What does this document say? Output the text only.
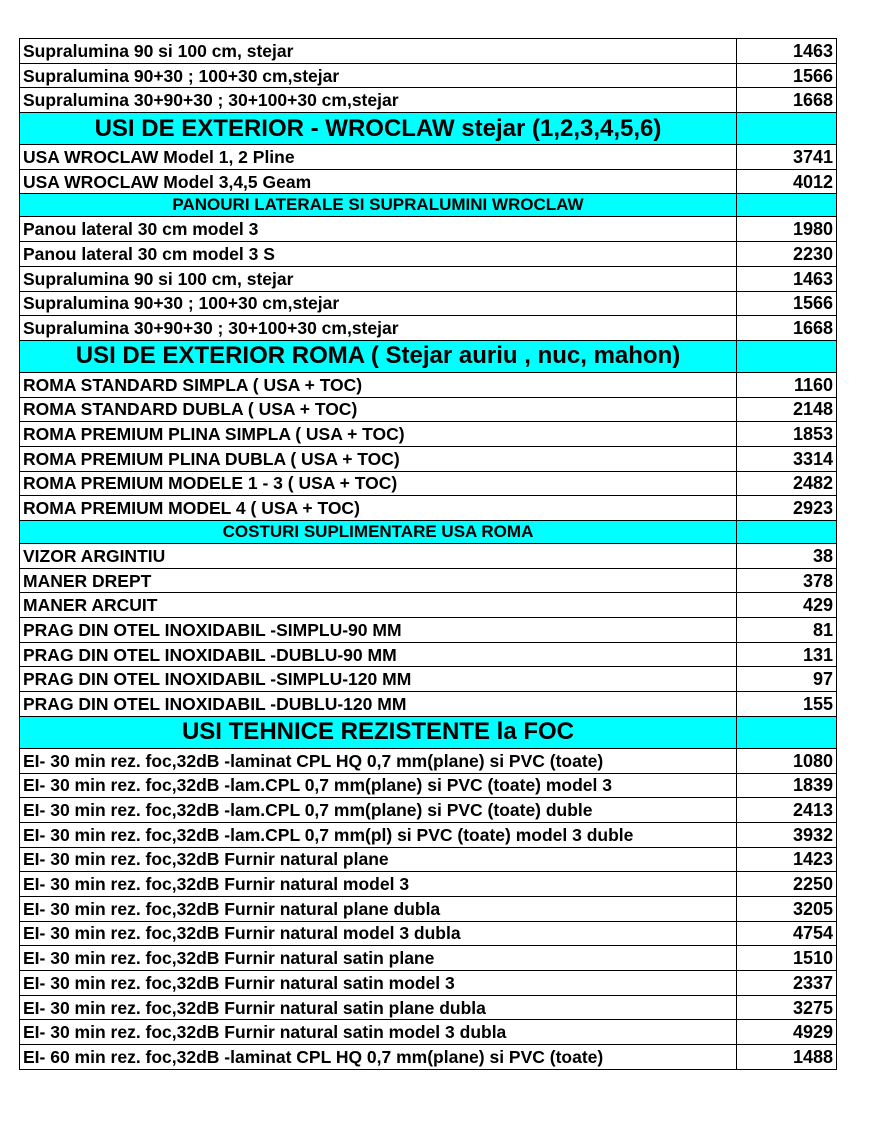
Supralumina 90 si 100 cm, stejar	1463
Supralumina 90+30 ; 100+30 cm,stejar	1566
Supralumina 30+90+30 ; 30+100+30 cm,stejar	1668
USI DE EXTERIOR - WROCLAW stejar (1,2,3,4,5,6)	
USA WROCLAW Model 1, 2 Pline	3741
USA WROCLAW Model 3,4,5 Geam	4012
PANOURI LATERALE SI SUPRALUMINI WROCLAW	
Panou lateral 30 cm model 3	1980
Panou lateral 30 cm model 3 S	2230
Supralumina 90 si 100 cm, stejar	1463
Supralumina 90+30 ; 100+30 cm,stejar	1566
Supralumina 30+90+30 ; 30+100+30 cm,stejar	1668
USI DE EXTERIOR ROMA ( Stejar auriu , nuc, mahon)	
ROMA STANDARD SIMPLA ( USA + TOC)	1160
ROMA STANDARD DUBLA ( USA + TOC)	2148
ROMA PREMIUM PLINA SIMPLA ( USA + TOC)	1853
ROMA PREMIUM PLINA DUBLA ( USA + TOC)	3314
ROMA PREMIUM MODELE 1 - 3 ( USA + TOC)	2482
ROMA PREMIUM MODEL 4 ( USA + TOC)	2923
COSTURI SUPLIMENTARE USA ROMA	
VIZOR ARGINTIU	38
MANER DREPT	378
MANER ARCUIT	429
PRAG DIN OTEL INOXIDABIL -SIMPLU-90 MM	81
PRAG DIN OTEL INOXIDABIL -DUBLU-90 MM	131
PRAG DIN OTEL INOXIDABIL -SIMPLU-120 MM	97
PRAG DIN OTEL INOXIDABIL -DUBLU-120 MM	155
USI TEHNICE REZISTENTE la FOC	
EI- 30 min rez. foc,32dB -laminat CPL HQ 0,7 mm(plane) si PVC (toate)	1080
EI- 30 min rez. foc,32dB -lam.CPL 0,7 mm(plane) si PVC (toate) model 3	1839
EI- 30 min rez. foc,32dB -lam.CPL 0,7 mm(plane) si PVC (toate) duble	2413
EI- 30 min rez. foc,32dB -lam.CPL 0,7 mm(pl) si PVC (toate) model 3 duble	3932
EI- 30 min rez. foc,32dB Furnir natural plane	1423
EI- 30 min rez. foc,32dB Furnir natural model 3	2250
EI- 30 min rez. foc,32dB Furnir natural plane dubla	3205
EI- 30 min rez. foc,32dB Furnir natural model 3 dubla	4754
EI- 30 min rez. foc,32dB Furnir natural satin plane	1510
EI- 30 min rez. foc,32dB Furnir natural satin model 3	2337
EI- 30 min rez. foc,32dB Furnir natural satin plane dubla	3275
EI- 30 min rez. foc,32dB Furnir natural satin model 3 dubla	4929
EI- 60 min rez. foc,32dB -laminat CPL HQ 0,7 mm(plane) si PVC (toate)	1488
